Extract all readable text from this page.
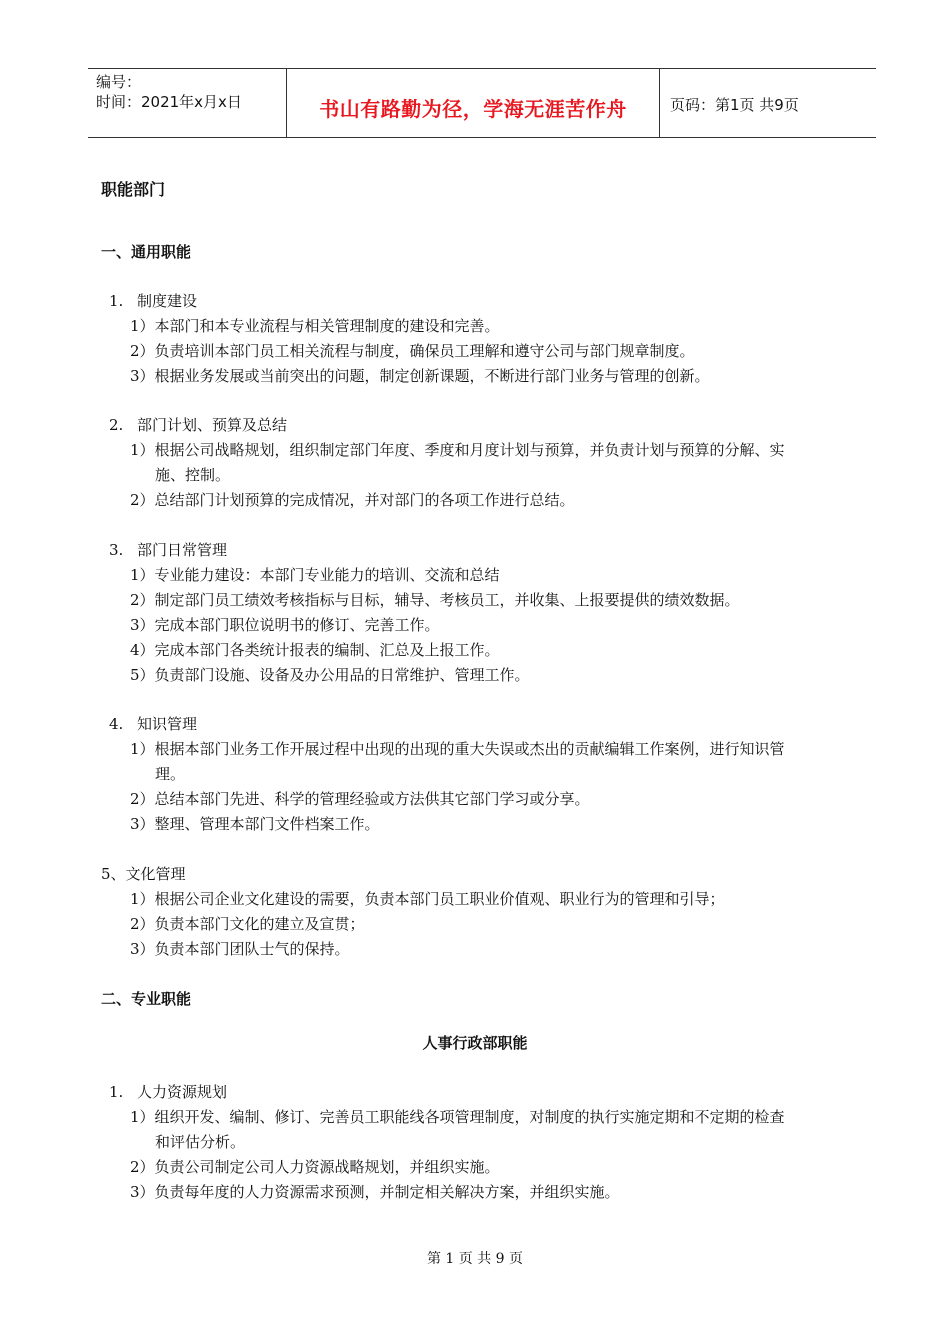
编号：
时间：2021年x月x日	书山有路勤为径，学海无涯苦作舟	页码：第1页 共9页
职能部门
一、通用职能
1. 制度建设
1）本部门和本专业流程与相关管理制度的建设和完善。
2）负责培训本部门员工相关流程与制度，确保员工理解和遵守公司与部门规章制度。
3）根据业务发展或当前突出的问题，制定创新课题，不断进行部门业务与管理的创新。
2. 部门计划、预算及总结
1）根据公司战略规划，组织制定部门年度、季度和月度计划与预算，并负责计划与预算的分解、实
施、控制。
2）总结部门计划预算的完成情况，并对部门的各项工作进行总结。
3. 部门日常管理
1）专业能力建设：本部门专业能力的培训、交流和总结
2）制定部门员工绩效考核指标与目标，辅导、考核员工，并收集、上报要提供的绩效数据。
3）完成本部门职位说明书的修订、完善工作。
4）完成本部门各类统计报表的编制、汇总及上报工作。
5）负责部门设施、设备及办公用品的日常维护、管理工作。
4. 知识管理
1）根据本部门业务工作开展过程中出现的出现的重大失误或杰出的贡献编辑工作案例，进行知识管
理。
2）总结本部门先进、科学的管理经验或方法供其它部门学习或分享。
3）整理、管理本部门文件档案工作。
5、文化管理
1）根据公司企业文化建设的需要，负责本部门员工职业价值观、职业行为的管理和引导；
2）负责本部门文化的建立及宣贯；
3）负责本部门团队士气的保持。
二、专业职能
人事行政部职能
1. 人力资源规划
1）组织开发、编制、修订、完善员工职能线各项管理制度，对制度的执行实施定期和不定期的检查
和评估分析。
2）负责公司制定公司人力资源战略规划，并组织实施。
3）负责每年度的人力资源需求预测，并制定相关解决方案，并组织实施。
第 1 页 共 9 页
